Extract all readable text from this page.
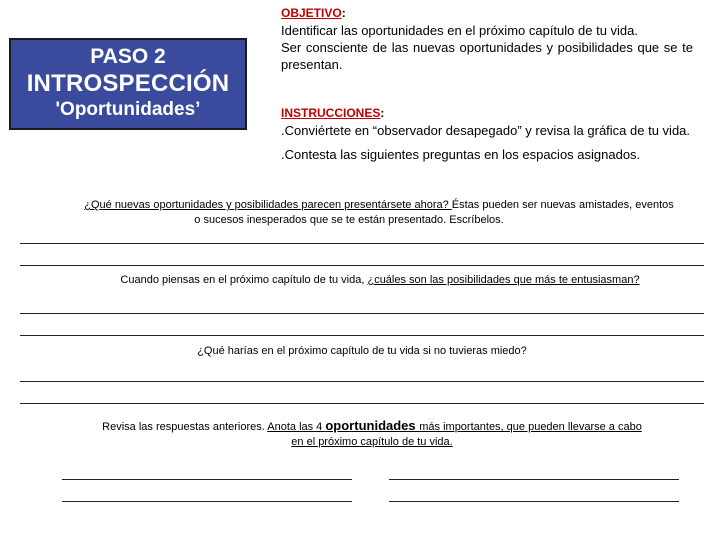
PASO 2
INTROSPECCIÓN
'Oportunidades’
OBJETIVO:
Identificar las oportunidades en el próximo capítulo de tu vida.
Ser consciente de las nuevas oportunidades y posibilidades que se te presentan.
INSTRUCCIONES:
.Conviértete en “observador desapegado” y revisa la gráfica de tu vida.
.Contesta las siguientes preguntas en los espacios asignados.
¿Qué nuevas oportunidades y posibilidades parecen presentársete ahora? Éstas pueden ser nuevas amistades, eventos
o sucesos inesperados que se te están presentado. Escríbelos.
Cuando piensas en el próximo capítulo de tu vida, ¿cuáles son las posibilidades que más te entusiasman?
¿Qué harías en el próximo capítulo de tu vida si no tuvieras miedo?
Revisa las respuestas anteriores. Anota las 4 oportunidades más importantes, que pueden llevarse a cabo
en el próximo capítulo de tu vida.
